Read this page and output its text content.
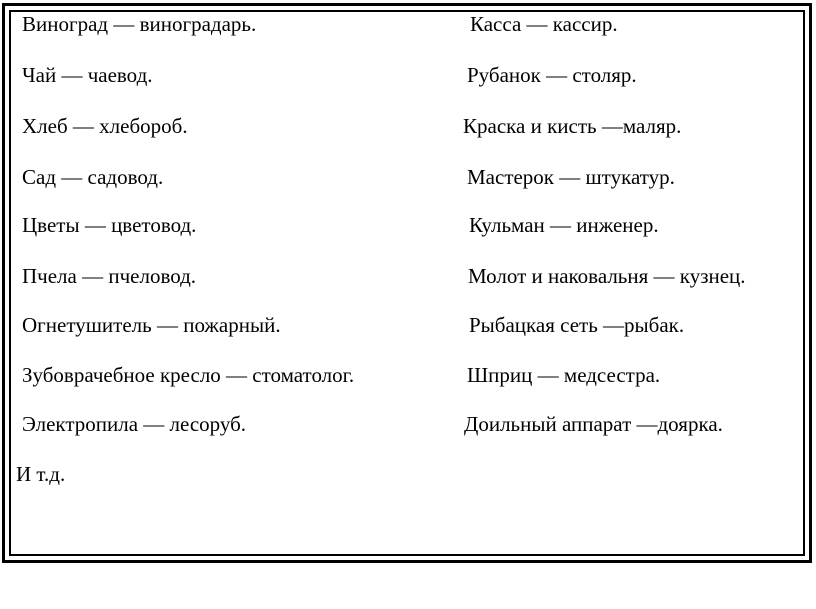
Виноград — виноградарь.
Чай — чаевод.
Хлеб — хлебороб.
Сад — садовод.
Цветы — цветовод.
Пчела — пчеловод.
Огнетушитель — пожарный.
Зубоврачебное кресло — стоматолог.
Электропила — лесоруб.
Касса — кассир.
Рубанок — столяр.
Краска и кисть —маляр.
Мастерок — штукатур.
Кульман — инженер.
Молот и наковальня — кузнец.
Рыбацкая сеть —рыбак.
Шприц — медсестра.
Доильный аппарат —доярка.
И т.д.
